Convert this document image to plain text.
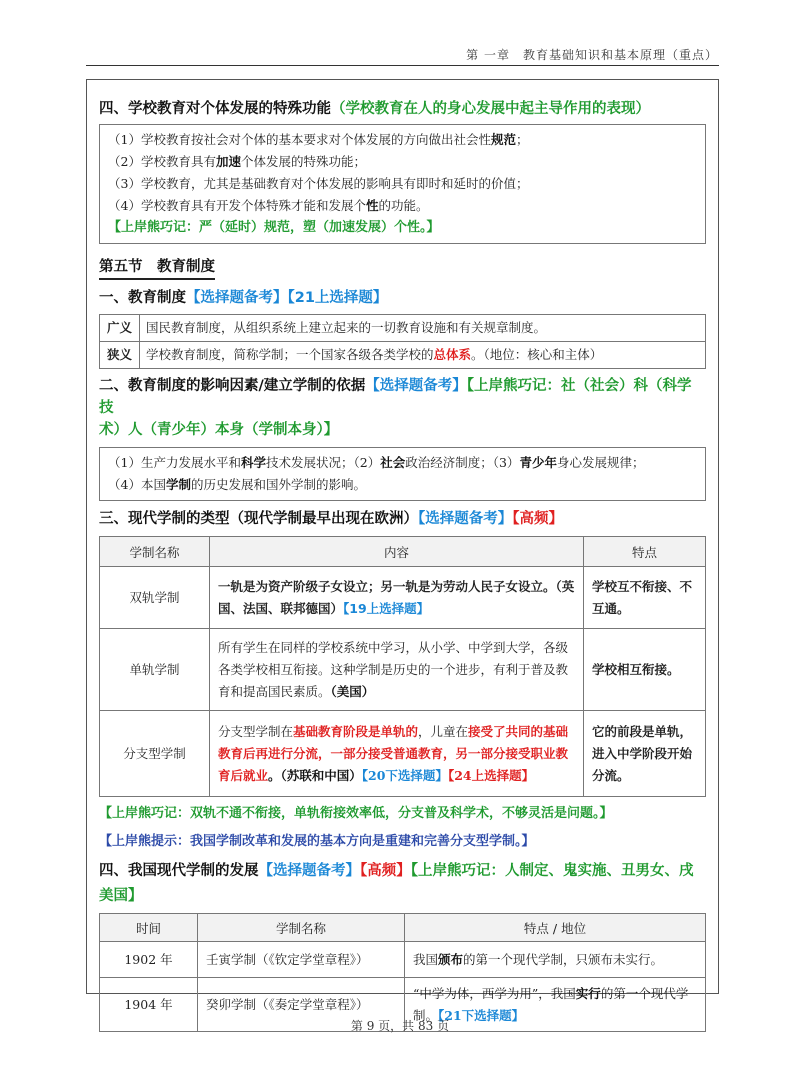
第 一章　教育基础知识和基本原理（重点）
四、学校教育对个体发展的特殊功能（学校教育在人的身心发展中起主导作用的表现）
（1）学校教育按社会对个体的基本要求对个体发展的方向做出社会性规范；
（2）学校教育具有加速个体发展的特殊功能；
（3）学校教育，尤其是基础教育对个体发展的影响具有即时和延时的价值；
（4）学校教育具有开发个体特殊才能和发展个性的功能。
【上岸熊巧记：严（延时）规范，塑（加速发展）个性。】
第五节　教育制度
一、教育制度【选择题备考】【21上选择题】
广义	国民教育制度，从组织系统上建立起来的一切教育设施和有关规章制度。
狭义	学校教育制度，简称学制；一个国家各级各类学校的总体系。（地位：核心和主体）
二、教育制度的影响因素/建立学制的依据【选择题备考】【上岸熊巧记：社（社会）科（科学技
术）人（青少年）本身（学制本身）】
（1）生产力发展水平和科学技术发展状况；（2）社会政治经济制度；（3）青少年身心发展规律；
（4）本国学制的历史发展和国外学制的影响。
三、现代学制的类型（现代学制最早出现在欧洲）【选择题备考】【高频】
学制名称	内容	特点
双轨学制	一轨是为资产阶级子女设立；另一轨是为劳动人民子女设立。（英国、法国、联邦德国）【19上选择题】	学校互不衔接、不互通。
单轨学制	所有学生在同样的学校系统中学习，从小学、中学到大学，各级各类学校相互衔接。这种学制是历史的一个进步，有利于普及教育和提高国民素质。（美国）	学校相互衔接。
分支型学制	分支型学制在基础教育阶段是单轨的，儿童在接受了共同的基础教育后再进行分流，一部分接受普通教育，另一部分接受职业教育后就业。（苏联和中国）【20下选择题】【24上选择题】	它的前段是单轨，进入中学阶段开始分流。
【上岸熊巧记：双轨不通不衔接，单轨衔接效率低，分支普及科学术，不够灵活是问题。】
【上岸熊提示：我国学制改革和发展的基本方向是重建和完善分支型学制。】
四、我国现代学制的发展【选择题备考】【高频】【上岸熊巧记：人制定、鬼实施、丑男女、戌美国】
时间	学制名称	特点 / 地位
1902 年	壬寅学制（《钦定学堂章程》）	我国颁布的第一个现代学制，只颁布未实行。
1904 年	癸卯学制（《奏定学堂章程》）	“中学为体，西学为用”，我国实行的第一个现代学制。【21下选择题】
第 9 页，共 83 页
